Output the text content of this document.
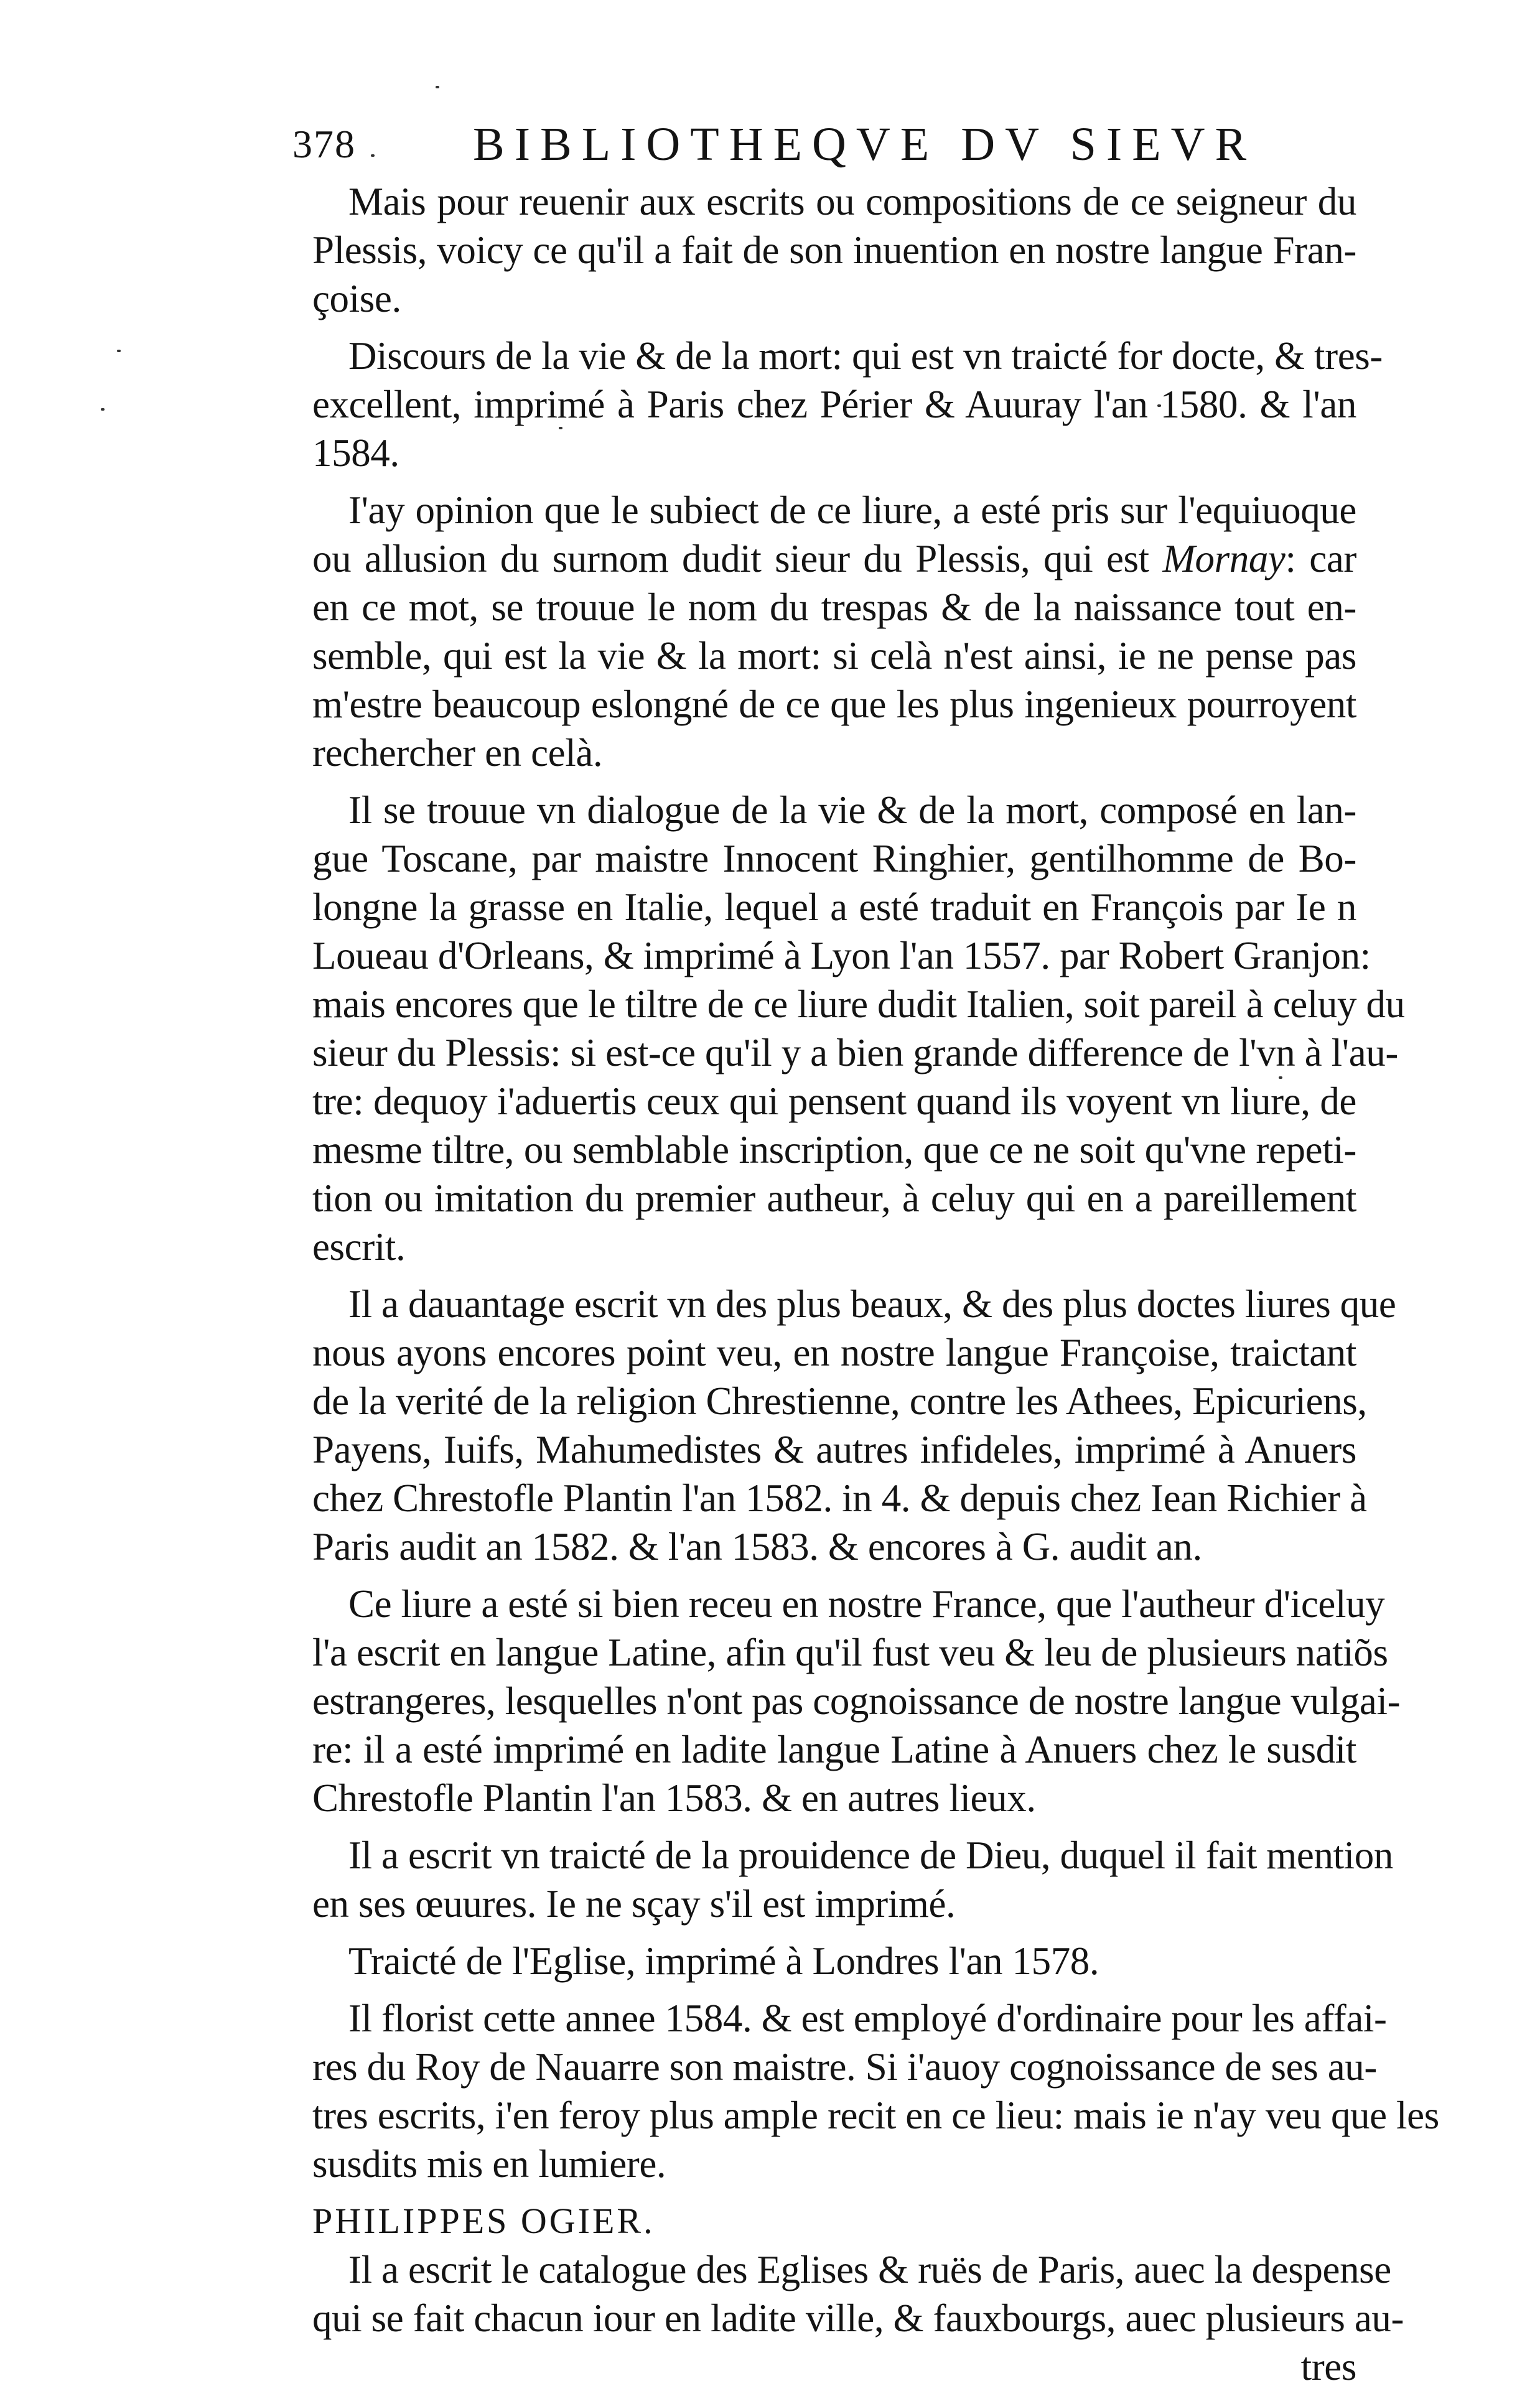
378 BIBLIOTHEQVE DV SIEVR
Mais pour reuenir aux escrits ou compositions de ce seigneur du
Plessis, voicy ce qu'il a fait de son inuention en nostre langue Fran-
çoise.
Discours de la vie & de la mort: qui est vn traicté for docte, & tres-
excellent, imprimé à Paris chez Périer & Auuray l'an 1580. & l'an
1584.
I'ay opinion que le subiect de ce liure, a esté pris sur l'equiuoque
ou allusion du surnom dudit sieur du Plessis, qui est Mornay: car
en ce mot, se trouue le nom du trespas & de la naissance tout en-
semble, qui est la vie & la mort: si celà n'est ainsi, ie ne pense pas
m'estre beaucoup eslongné de ce que les plus ingenieux pourroyent
rechercher en celà.
Il se trouue vn dialogue de la vie & de la mort, composé en lan-
gue Toscane, par maistre Innocent Ringhier, gentilhomme de Bo-
longne la grasse en Italie, lequel a esté traduit en François par Ie n
Loueau d'Orleans, & imprimé à Lyon l'an 1557. par Robert Granjon:
mais encores que le tiltre de ce liure dudit Italien, soit pareil à celuy du
sieur du Plessis: si est-ce qu'il y a bien grande difference de l'vn à l'au-
tre: dequoy i'aduertis ceux qui pensent quand ils voyent vn liure, de
mesme tiltre, ou semblable inscription, que ce ne soit qu'vne repeti-
tion ou imitation du premier autheur, à celuy qui en a pareillement
escrit.
Il a dauantage escrit vn des plus beaux, & des plus doctes liures que
nous ayons encores point veu, en nostre langue Françoise, traictant
de la verité de la religion Chrestienne, contre les Athees, Epicuriens,
Payens, Iuifs, Mahumedistes & autres infideles, imprimé à Anuers
chez Chrestofle Plantin l'an 1582. in 4. & depuis chez Iean Richier à
Paris audit an 1582. & l'an 1583. & encores à G. audit an.
Ce liure a esté si bien receu en nostre France, que l'autheur d'iceluy
l'a escrit en langue Latine, afin qu'il fust veu & leu de plusieurs natiõs
estrangeres, lesquelles n'ont pas cognoissance de nostre langue vulgai-
re: il a esté imprimé en ladite langue Latine à Anuers chez le susdit
Chrestofle Plantin l'an 1583. & en autres lieux.
Il a escrit vn traicté de la prouidence de Dieu, duquel il fait mention
en ses œuures. Ie ne sçay s'il est imprimé.
Traicté de l'Eglise, imprimé à Londres l'an 1578.
Il florist cette annee 1584. & est employé d'ordinaire pour les affai-
res du Roy de Nauarre son maistre. Si i'auoy cognoissance de ses au-
tres escrits, i'en feroy plus ample recit en ce lieu: mais ie n'ay veu que les
susdits mis en lumiere.
PHILIPPES OGIER.
Il a escrit le catalogue des Eglises & ruës de Paris, auec la despense
qui se fait chacun iour en ladite ville, & fauxbourgs, auec plusieurs au-
tres
